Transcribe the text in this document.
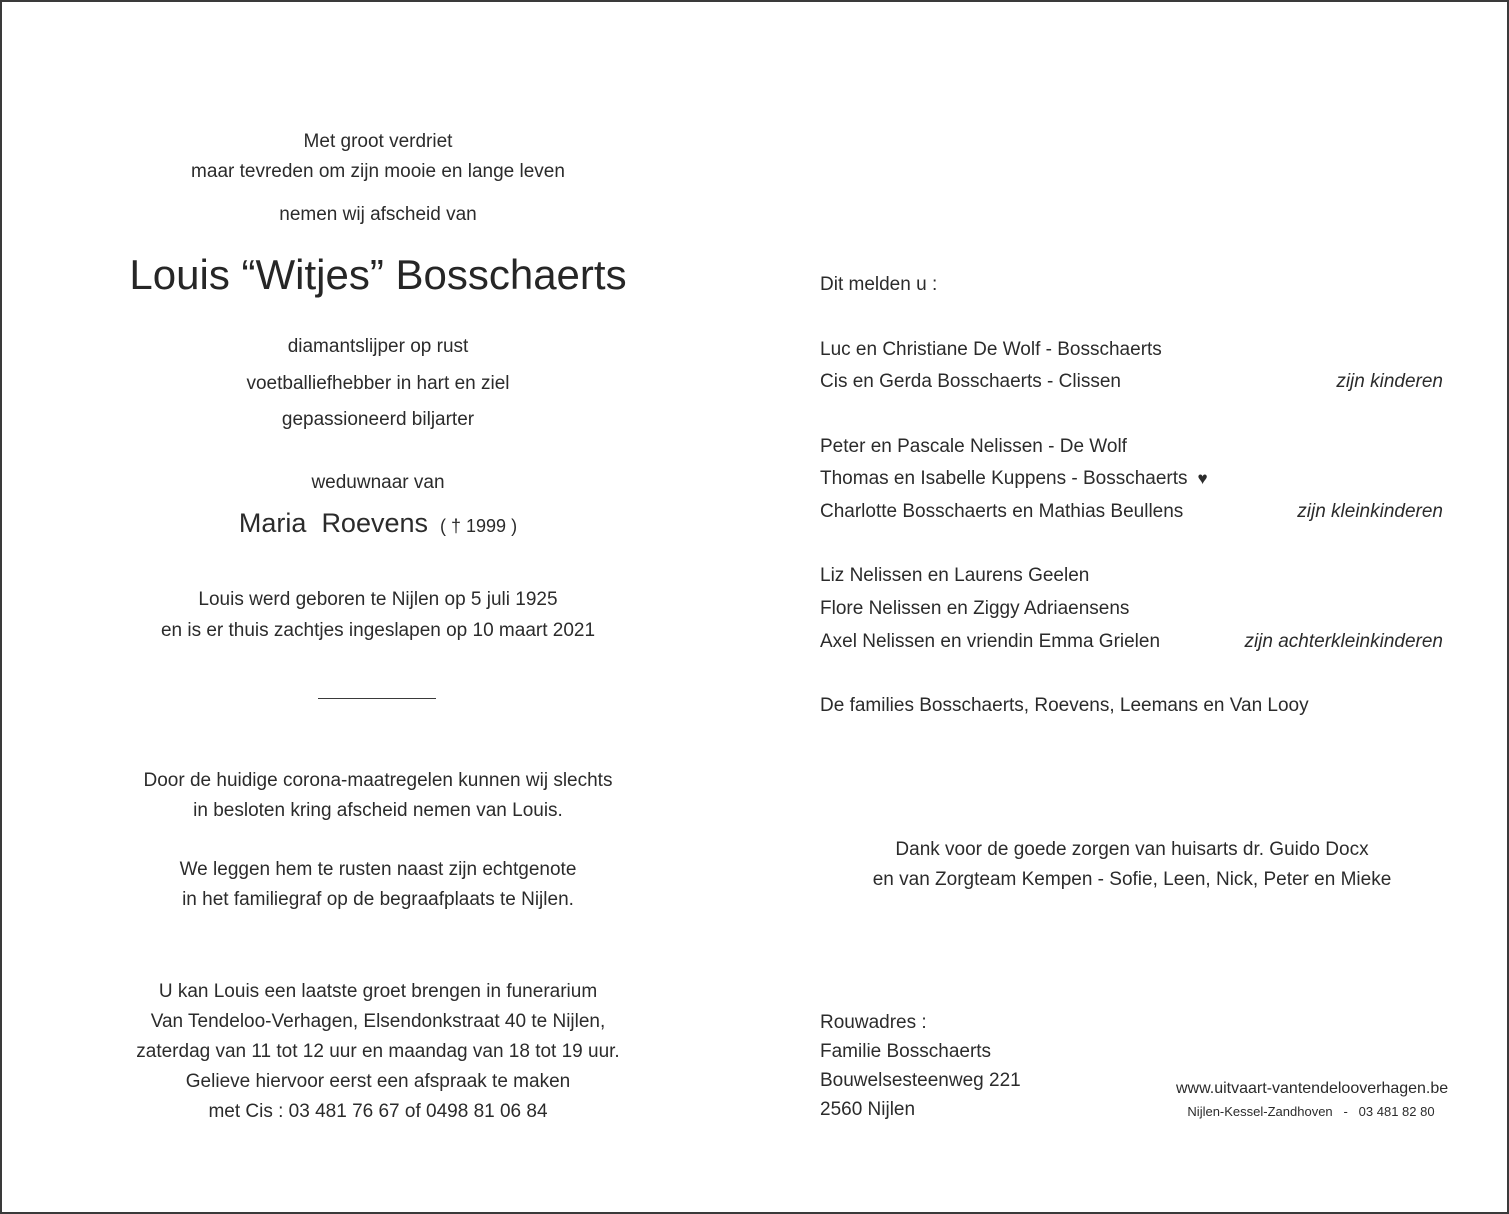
Met groot verdriet
maar tevreden om zijn mooie en lange leven
nemen wij afscheid van
Louis “Witjes” Bosschaerts
diamantslijper op rust
voetballiefhebber in hart en ziel
gepassioneerd biljarter
weduwnaar van
Maria  Roevens ( † 1999 )
Louis werd geboren te Nijlen op 5 juli 1925
en is er thuis zachtjes ingeslapen op 10 maart 2021
Door de huidige corona-maatregelen kunnen wij slechts
in besloten kring afscheid nemen van Louis.
We leggen hem te rusten naast zijn echtgenote
in het familiegraf op de begraafplaats te Nijlen.
U kan Louis een laatste groet brengen in funerarium
Van Tendeloo-Verhagen, Elsendonkstraat 40 te Nijlen,
zaterdag van 11 tot 12 uur en maandag van 18 tot 19 uur.
Gelieve hiervoor eerst een afspraak te maken
met Cis : 03 481 76 67 of 0498 81 06 84
Dit melden u :
Luc en Christiane De Wolf - Bosschaerts
Cis en Gerda Bosschaerts - Clissen	zijn kinderen
Peter en Pascale Nelissen - De Wolf
Thomas en Isabelle Kuppens - Bosschaerts ♥
Charlotte Bosschaerts en Mathias Beullens	zijn kleinkinderen
Liz Nelissen en Laurens Geelen
Flore Nelissen en Ziggy Adriaensens
Axel Nelissen en vriendin Emma Grielen	zijn achterkleinkinderen
De families Bosschaerts, Roevens, Leemans en Van Looy
Dank voor de goede zorgen van huisarts dr. Guido Docx
en van Zorgteam Kempen - Sofie, Leen, Nick, Peter en Mieke
Rouwadres :
Familie Bosschaerts
Bouwelsesteenweg 221
2560 Nijlen
www.uitvaart-vantendelooverhagen.be
Nijlen-Kessel-Zandhoven   -   03 481 82 80
